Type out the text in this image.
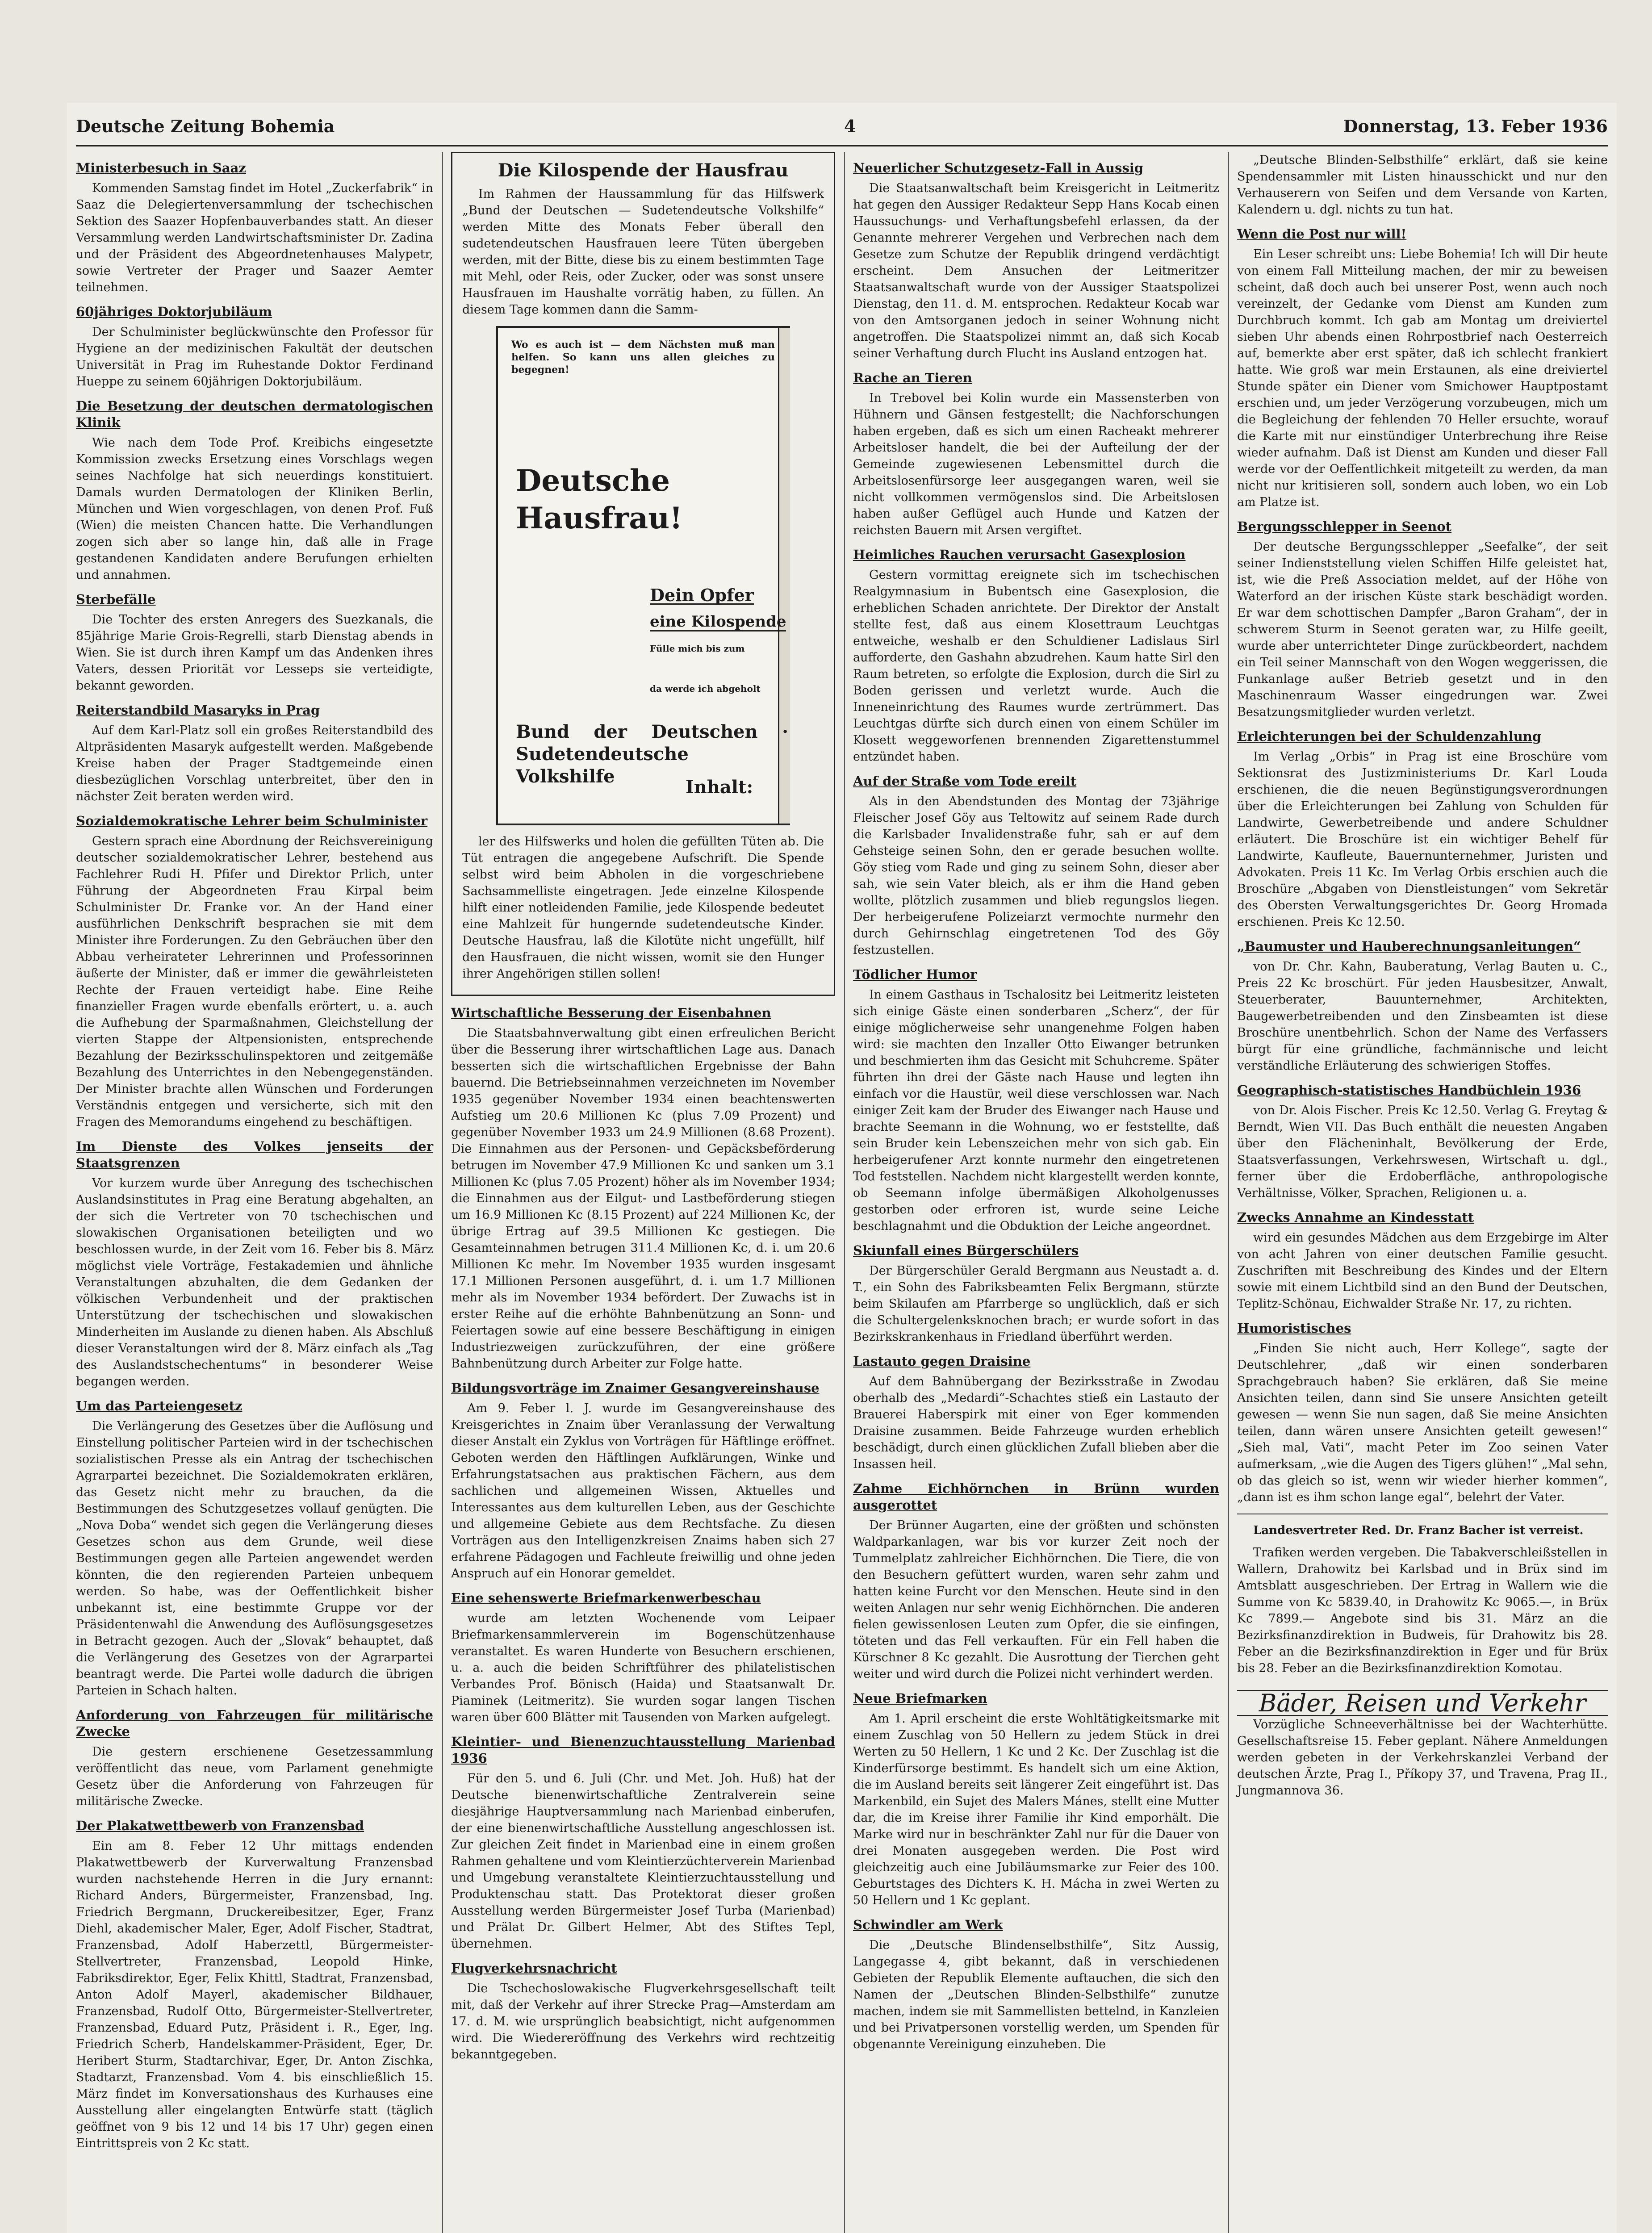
Deutsche Zeitung Bohemia	4	Donnerstag, 13. Feber 1936
Ministerbesuch in Saaz

Kommenden Samstag findet im Hotel „Zuckerfabrik“ in Saaz die Delegiertenversammlung der tschechischen Sektion des Saazer Hopfenbauverbandes statt. An dieser Versammlung werden Landwirtschaftsminister Dr. Zadina und der Präsident des Abgeordnetenhauses Malypetr, sowie Vertreter der Prager und Saazer Aemter teilnehmen.

60jähriges Doktorjubiläum

Der Schulminister beglückwünschte den Professor für Hygiene an der medizinischen Fakultät der deutschen Universität in Prag im Ruhestande Doktor Ferdinand Hueppe zu seinem 60jährigen Doktorjubiläum.

Die Besetzung der deutschen dermatologischen Klinik

Wie nach dem Tode Prof. Kreibichs eingesetzte Kommission zwecks Ersetzung eines Vorschlags wegen seines Nachfolge hat sich neuerdings konstituiert. Damals wurden Dermatologen der Kliniken Berlin, München und Wien vorgeschlagen, von denen Prof. Fuß (Wien) die meisten Chancen hatte. Die Verhandlungen zogen sich aber so lange hin, daß alle in Frage gestandenen Kandidaten andere Berufungen erhielten und annahmen.

Sterbefälle

Die Tochter des ersten Anregers des Suezkanals, die 85jährige Marie Grois-Regrelli, starb Dienstag abends in Wien. Sie ist durch ihren Kampf um das Andenken ihres Vaters, dessen Priorität vor Lesseps sie verteidigte, bekannt geworden.

Reiterstandbild Masaryks in Prag

Auf dem Karl-Platz soll ein großes Reiterstandbild des Altpräsidenten Masaryk aufgestellt werden. Maßgebende Kreise haben der Prager Stadtgemeinde einen diesbezüglichen Vorschlag unterbreitet, über den in nächster Zeit beraten werden wird.

Sozialdemokratische Lehrer beim Schulminister

Gestern sprach eine Abordnung der Reichsvereinigung deutscher sozialdemokratischer Lehrer, bestehend aus Fachlehrer Rudi H. Pfifer und Direktor Prlich, unter Führung der Abgeordneten Frau Kirpal beim Schulminister Dr. Franke vor. An der Hand einer ausführlichen Denkschrift besprachen sie mit dem Minister ihre Forderungen. Zu den Gebräuchen über den Abbau verheirateter Lehrerinnen und Professorinnen äußerte der Minister, daß er immer die gewährleisteten Rechte der Frauen verteidigt habe. Eine Reihe finanzieller Fragen wurde ebenfalls erörtert, u. a. auch die Aufhebung der Sparmaßnahmen, Gleichstellung der vierten Stappe der Altpensionisten, entsprechende Bezahlung der Bezirksschulinspektoren und zeitgemäße Bezahlung des Unterrichtes in den Nebengegenständen. Der Minister brachte allen Wünschen und Forderungen Verständnis entgegen und versicherte, sich mit den Fragen des Memorandums eingehend zu beschäftigen.

Im Dienste des Volkes jenseits der Staatsgrenzen

Vor kurzem wurde über Anregung des tschechischen Auslandsinstitutes in Prag eine Beratung abgehalten, an der sich die Vertreter von 70 tschechischen und slowakischen Organisationen beteiligten und wo beschlossen wurde, in der Zeit vom 16. Feber bis 8. März möglichst viele Vorträge, Festakademien und ähnliche Veranstaltungen abzuhalten, die dem Gedanken der völkischen Verbundenheit und der praktischen Unterstützung der tschechischen und slowakischen Minderheiten im Auslande zu dienen haben. Als Abschluß dieser Veranstaltungen wird der 8. März einfach als „Tag des Auslandstschechentums“ in besonderer Weise begangen werden.

Um das Parteiengesetz

Die Verlängerung des Gesetzes über die Auflösung und Einstellung politischer Parteien wird in der tschechischen sozialistischen Presse als ein Antrag der tschechischen Agrarpartei bezeichnet. Die Sozialdemokraten erklären, das Gesetz nicht mehr zu brauchen, da die Bestimmungen des Schutzgesetzes vollauf genügten. Die „Nova Doba“ wendet sich gegen die Verlängerung dieses Gesetzes schon aus dem Grunde, weil diese Bestimmungen gegen alle Parteien angewendet werden könnten, die den regierenden Parteien unbequem werden. So habe, was der Oeffentlichkeit bisher unbekannt ist, eine bestimmte Gruppe vor der Präsidentenwahl die Anwendung des Auflösungsgesetzes in Betracht gezogen. Auch der „Slovak“ behauptet, daß die Verlängerung des Gesetzes von der Agrarpartei beantragt werde. Die Partei wolle dadurch die übrigen Parteien in Schach halten.

Anforderung von Fahrzeugen für militärische Zwecke

Die gestern erschienene Gesetzessammlung veröffentlicht das neue, vom Parlament genehmigte Gesetz über die Anforderung von Fahrzeugen für militärische Zwecke.

Der Plakatwettbewerb von Franzensbad

Ein am 8. Feber 12 Uhr mittags endenden Plakatwettbewerb der Kurverwaltung Franzensbad wurden nachstehende Herren in die Jury ernannt: Richard Anders, Bürgermeister, Franzensbad, Ing. Friedrich Bergmann, Druckereibesitzer, Eger, Franz Diehl, akademischer Maler, Eger, Adolf Fischer, Stadtrat, Franzensbad, Adolf Haberzettl, Bürgermeister-Stellvertreter, Franzensbad, Leopold Hinke, Fabriksdirektor, Eger, Felix Khittl, Stadtrat, Franzensbad, Anton Adolf Mayerl, akademischer Bildhauer, Franzensbad, Rudolf Otto, Bürgermeister-Stellvertreter, Franzensbad, Eduard Putz, Präsident i. R., Eger, Ing. Friedrich Scherb, Handelskammer-Präsident, Eger, Dr. Heribert Sturm, Stadtarchivar, Eger, Dr. Anton Zischka, Stadtarzt, Franzensbad. Vom 4. bis einschließlich 15. März findet im Konversationshaus des Kurhauses eine Ausstellung aller eingelangten Entwürfe statt (täglich geöffnet von 9 bis 12 und 14 bis 17 Uhr) gegen einen Eintrittspreis von 2 Kc statt.

Die Kilospende der Hausfrau

Im Rahmen der Haussammlung für das Hilfswerk „Bund der Deutschen — Sudetendeutsche Volkshilfe“ werden Mitte des Monats Feber überall den sudetendeutschen Hausfrauen leere Tüten übergeben werden, mit der Bitte, diese bis zu einem bestimmten Tage mit Mehl, oder Reis, oder Zucker, oder was sonst unsere Hausfrauen im Haushalte vorrätig haben, zu füllen. An diesem Tage kommen dann die Samm-

Wo es auch ist — dem Nächsten muß man helfen. So kann uns allen gleiches zu begegnen!
Deutsche Hausfrau!
Dein Opfer
eine Kilospende
Fülle mich bis zum
da werde ich abgeholt
Bund der Deutschen · Sudetendeutsche Volkshilfe
Inhalt:

ler des Hilfswerks und holen die gefüllten Tüten ab. Die Tüt entragen die angegebene Aufschrift. Die Spende selbst wird beim Abholen in die vorgeschriebene Sachsammelliste eingetragen. Jede einzelne Kilospende hilft einer notleidenden Familie, jede Kilospende bedeutet eine Mahlzeit für hungernde sudetendeutsche Kinder. Deutsche Hausfrau, laß die Kilotüte nicht ungefüllt, hilf den Hausfrauen, die nicht wissen, womit sie den Hunger ihrer Angehörigen stillen sollen!

Wirtschaftliche Besserung der Eisenbahnen

Die Staatsbahnverwaltung gibt einen erfreulichen Bericht über die Besserung ihrer wirtschaftlichen Lage aus. Danach besserten sich die wirtschaftlichen Ergebnisse der Bahn bauernd. Die Betriebseinnahmen verzeichneten im November 1935 gegenüber November 1934 einen beachtenswerten Aufstieg um 20.6 Millionen Kc (plus 7.09 Prozent) und gegenüber November 1933 um 24.9 Millionen (8.68 Prozent). Die Einnahmen aus der Personen- und Gepäcksbeförderung betrugen im November 47.9 Millionen Kc und sanken um 3.1 Millionen Kc (plus 7.05 Prozent) höher als im November 1934; die Einnahmen aus der Eilgut- und Lastbeförderung stiegen um 16.9 Millionen Kc (8.15 Prozent) auf 224 Millionen Kc, der übrige Ertrag auf 39.5 Millionen Kc gestiegen. Die Gesamteinnahmen betrugen 311.4 Millionen Kc, d. i. um 20.6 Millionen Kc mehr. Im November 1935 wurden insgesamt 17.1 Millionen Personen ausgeführt, d. i. um 1.7 Millionen mehr als im November 1934 befördert. Der Zuwachs ist in erster Reihe auf die erhöhte Bahnbenützung an Sonn- und Feiertagen sowie auf eine bessere Beschäftigung in einigen Industriezweigen zurückzuführen, der eine größere Bahnbenützung durch Arbeiter zur Folge hatte.

Bildungsvorträge im Znaimer Gesangvereinshause

Am 9. Feber l. J. wurde im Gesangvereinshause des Kreisgerichtes in Znaim über Veranlassung der Verwaltung dieser Anstalt ein Zyklus von Vorträgen für Häftlinge eröffnet. Geboten werden den Häftlingen Aufklärungen, Winke und Erfahrungstatsachen aus praktischen Fächern, aus dem sachlichen und allgemeinen Wissen, Aktuelles und Interessantes aus dem kulturellen Leben, aus der Geschichte und allgemeine Gebiete aus dem Rechtsfache. Zu diesen Vorträgen aus den Intelligenzkreisen Znaims haben sich 27 erfahrene Pädagogen und Fachleute freiwillig und ohne jeden Anspruch auf ein Honorar gemeldet.

Eine sehenswerte Briefmarkenwerbeschau

wurde am letzten Wochenende vom Leipaer Briefmarkensammlerverein im Bogenschützenhause veranstaltet. Es waren Hunderte von Besuchern erschienen, u. a. auch die beiden Schriftführer des philatelistischen Verbandes Prof. Bönisch (Haida) und Staatsanwalt Dr. Piaminek (Leitmeritz). Sie wurden sogar langen Tischen waren über 600 Blätter mit Tausenden von Marken aufgelegt.

Kleintier- und Bienenzuchtausstellung Marienbad 1936

Für den 5. und 6. Juli (Chr. und Met. Joh. Huß) hat der Deutsche bienenwirtschaftliche Zentralverein seine diesjährige Hauptversammlung nach Marienbad einberufen, der eine bienenwirtschaftliche Ausstellung angeschlossen ist. Zur gleichen Zeit findet in Marienbad eine in einem großen Rahmen gehaltene und vom Kleintierzüchterverein Marienbad und Umgebung veranstaltete Kleintierzuchtausstellung und Produktenschau statt. Das Protektorat dieser großen Ausstellung werden Bürgermeister Josef Turba (Marienbad) und Prälat Dr. Gilbert Helmer, Abt des Stiftes Tepl, übernehmen.

Flugverkehrsnachricht

Die Tschechoslowakische Flugverkehrsgesellschaft teilt mit, daß der Verkehr auf ihrer Strecke Prag—Amsterdam am 17. d. M. wie ursprünglich beabsichtigt, nicht aufgenommen wird. Die Wiedereröffnung des Verkehrs wird rechtzeitig bekanntgegeben.

Neuerlicher Schutzgesetz-Fall in Aussig

Die Staatsanwaltschaft beim Kreisgericht in Leitmeritz hat gegen den Aussiger Redakteur Sepp Hans Kocab einen Haussuchungs- und Verhaftungsbefehl erlassen, da der Genannte mehrerer Vergehen und Verbrechen nach dem Gesetze zum Schutze der Republik dringend verdächtigt erscheint. Dem Ansuchen der Leitmeritzer Staatsanwaltschaft wurde von der Aussiger Staatspolizei Dienstag, den 11. d. M. entsprochen. Redakteur Kocab war von den Amtsorganen jedoch in seiner Wohnung nicht angetroffen. Die Staatspolizei nimmt an, daß sich Kocab seiner Verhaftung durch Flucht ins Ausland entzogen hat.

Rache an Tieren

In Trebovel bei Kolin wurde ein Massensterben von Hühnern und Gänsen festgestellt; die Nachforschungen haben ergeben, daß es sich um einen Racheakt mehrerer Arbeitsloser handelt, die bei der Aufteilung der der Gemeinde zugewiesenen Lebensmittel durch die Arbeitslosenfürsorge leer ausgegangen waren, weil sie nicht vollkommen vermögenslos sind. Die Arbeitslosen haben außer Geflügel auch Hunde und Katzen der reichsten Bauern mit Arsen vergiftet.

Heimliches Rauchen verursacht Gasexplosion

Gestern vormittag ereignete sich im tschechischen Realgymnasium in Bubentsch eine Gasexplosion, die erheblichen Schaden anrichtete. Der Direktor der Anstalt stellte fest, daß aus einem Klosettraum Leuchtgas entweiche, weshalb er den Schuldiener Ladislaus Sirl aufforderte, den Gashahn abzudrehen. Kaum hatte Sirl den Raum betreten, so erfolgte die Explosion, durch die Sirl zu Boden gerissen und verletzt wurde. Auch die Inneneinrichtung des Raumes wurde zertrümmert. Das Leuchtgas dürfte sich durch einen von einem Schüler im Klosett weggeworfenen brennenden Zigarettenstummel entzündet haben.

Auf der Straße vom Tode ereilt

Als in den Abendstunden des Montag der 73jährige Fleischer Josef Göy aus Teltowitz auf seinem Rade durch die Karlsbader Invalidenstraße fuhr, sah er auf dem Gehsteige seinen Sohn, den er gerade besuchen wollte. Göy stieg vom Rade und ging zu seinem Sohn, dieser aber sah, wie sein Vater bleich, als er ihm die Hand geben wollte, plötzlich zusammen und blieb regungslos liegen. Der herbeigerufene Polizeiarzt vermochte nurmehr den durch Gehirnschlag eingetretenen Tod des Göy festzustellen.

Tödlicher Humor

In einem Gasthaus in Tschalositz bei Leitmeritz leisteten sich einige Gäste einen sonderbaren „Scherz“, der für einige möglicherweise sehr unangenehme Folgen haben wird: sie machten den Inzaller Otto Eiwanger betrunken und beschmierten ihm das Gesicht mit Schuhcreme. Später führten ihn drei der Gäste nach Hause und legten ihn einfach vor die Haustür, weil diese verschlossen war. Nach einiger Zeit kam der Bruder des Eiwanger nach Hause und brachte Seemann in die Wohnung, wo er feststellte, daß sein Bruder kein Lebenszeichen mehr von sich gab. Ein herbeigerufener Arzt konnte nurmehr den eingetretenen Tod feststellen. Nachdem nicht klargestellt werden konnte, ob Seemann infolge übermäßigen Alkoholgenusses gestorben oder erfroren ist, wurde seine Leiche beschlagnahmt und die Obduktion der Leiche angeordnet.

Skiunfall eines Bürgerschülers

Der Bürgerschüler Gerald Bergmann aus Neustadt a. d. T., ein Sohn des Fabriksbeamten Felix Bergmann, stürzte beim Skilaufen am Pfarrberge so unglücklich, daß er sich die Schultergelenksknochen brach; er wurde sofort in das Bezirkskrankenhaus in Friedland überführt werden.

Lastauto gegen Draisine

Auf dem Bahnübergang der Bezirksstraße in Zwodau oberhalb des „Medardi“-Schachtes stieß ein Lastauto der Brauerei Haberspirk mit einer von Eger kommenden Draisine zusammen. Beide Fahrzeuge wurden erheblich beschädigt, durch einen glücklichen Zufall blieben aber die Insassen heil.

Zahme Eichhörnchen in Brünn wurden ausgerottet

Der Brünner Augarten, eine der größten und schönsten Waldparkanlagen, war bis vor kurzer Zeit noch der Tummelplatz zahlreicher Eichhörnchen. Die Tiere, die von den Besuchern gefüttert wurden, waren sehr zahm und hatten keine Furcht vor den Menschen. Heute sind in den weiten Anlagen nur sehr wenig Eichhörnchen. Die anderen fielen gewissenlosen Leuten zum Opfer, die sie einfingen, töteten und das Fell verkauften. Für ein Fell haben die Kürschner 8 Kc gezahlt. Die Ausrottung der Tierchen geht weiter und wird durch die Polizei nicht verhindert werden.

Neue Briefmarken

Am 1. April erscheint die erste Wohltätigkeitsmarke mit einem Zuschlag von 50 Hellern zu jedem Stück in drei Werten zu 50 Hellern, 1 Kc und 2 Kc. Der Zuschlag ist die Kinderfürsorge bestimmt. Es handelt sich um eine Aktion, die im Ausland bereits seit längerer Zeit eingeführt ist. Das Markenbild, ein Sujet des Malers Mánes, stellt eine Mutter dar, die im Kreise ihrer Familie ihr Kind emporhält. Die Marke wird nur in beschränkter Zahl nur für die Dauer von drei Monaten ausgegeben werden. Die Post wird gleichzeitig auch eine Jubiläumsmarke zur Feier des 100. Geburtstages des Dichters K. H. Mácha in zwei Werten zu 50 Hellern und 1 Kc geplant.

Schwindler am Werk

Die „Deutsche Blindenselbsthilfe“, Sitz Aussig, Langegasse 4, gibt bekannt, daß in verschiedenen Gebieten der Republik Elemente auftauchen, die sich den Namen der „Deutschen Blinden-Selbsthilfe“ zunutze machen, indem sie mit Sammellisten bettelnd, in Kanzleien und bei Privatpersonen vorstellig werden, um Spenden für obgenannte Vereinigung einzuheben. Die

„Deutsche Blinden-Selbsthilfe“ erklärt, daß sie keine Spendensammler mit Listen hinausschickt und nur den Verhauserern von Seifen und dem Versande von Karten, Kalendern u. dgl. nichts zu tun hat.

Wenn die Post nur will!

Ein Leser schreibt uns: Liebe Bohemia! Ich will Dir heute von einem Fall Mitteilung machen, der mir zu beweisen scheint, daß doch auch bei unserer Post, wenn auch noch vereinzelt, der Gedanke vom Dienst am Kunden zum Durchbruch kommt. Ich gab am Montag um dreiviertel sieben Uhr abends einen Rohrpostbrief nach Oesterreich auf, bemerkte aber erst später, daß ich schlecht frankiert hatte. Wie groß war mein Erstaunen, als eine dreiviertel Stunde später ein Diener vom Smichower Hauptpostamt erschien und, um jeder Verzögerung vorzubeugen, mich um die Begleichung der fehlenden 70 Heller ersuchte, worauf die Karte mit nur einstündiger Unterbrechung ihre Reise wieder aufnahm. Daß ist Dienst am Kunden und dieser Fall werde vor der Oeffentlichkeit mitgeteilt zu werden, da man nicht nur kritisieren soll, sondern auch loben, wo ein Lob am Platze ist.

Bergungsschlepper in Seenot

Der deutsche Bergungsschlepper „Seefalke“, der seit seiner Indienststellung vielen Schiffen Hilfe geleistet hat, ist, wie die Preß Association meldet, auf der Höhe von Waterford an der irischen Küste stark beschädigt worden. Er war dem schottischen Dampfer „Baron Graham“, der in schwerem Sturm in Seenot geraten war, zu Hilfe geeilt, wurde aber unterrichteter Dinge zurückbeordert, nachdem ein Teil seiner Mannschaft von den Wogen weggerissen, die Funkanlage außer Betrieb gesetzt und in den Maschinenraum Wasser eingedrungen war. Zwei Besatzungsmitglieder wurden verletzt.

Erleichterungen bei der Schuldenzahlung

Im Verlag „Orbis“ in Prag ist eine Broschüre vom Sektionsrat des Justizministeriums Dr. Karl Louda erschienen, die die neuen Begünstigungsverordnungen über die Erleichterungen bei Zahlung von Schulden für Landwirte, Gewerbetreibende und andere Schuldner erläutert. Die Broschüre ist ein wichtiger Behelf für Landwirte, Kaufleute, Bauernunternehmer, Juristen und Advokaten. Preis 11 Kc. Im Verlag Orbis erschien auch die Broschüre „Abgaben von Dienstleistungen“ vom Sekretär des Obersten Verwaltungsgerichtes Dr. Georg Hromada erschienen. Preis Kc 12.50.

„Baumuster und Hauberechnungsanleitungen“

von Dr. Chr. Kahn, Bauberatung, Verlag Bauten u. C., Preis 22 Kc broschürt. Für jeden Hausbesitzer, Anwalt, Steuerberater, Bauunternehmer, Architekten, Baugewerbetreibenden und den Zinsbeamten ist diese Broschüre unentbehrlich. Schon der Name des Verfassers bürgt für eine gründliche, fachmännische und leicht verständliche Erläuterung des schwierigen Stoffes.

Geographisch-statistisches Handbüchlein 1936

von Dr. Alois Fischer. Preis Kc 12.50. Verlag G. Freytag & Berndt, Wien VII. Das Buch enthält die neuesten Angaben über den Flächeninhalt, Bevölkerung der Erde, Staatsverfassungen, Verkehrswesen, Wirtschaft u. dgl., ferner über die Erdoberfläche, anthropologische Verhältnisse, Völker, Sprachen, Religionen u. a.

Zwecks Annahme an Kindesstatt

wird ein gesundes Mädchen aus dem Erzgebirge im Alter von acht Jahren von einer deutschen Familie gesucht. Zuschriften mit Beschreibung des Kindes und der Eltern sowie mit einem Lichtbild sind an den Bund der Deutschen, Teplitz-Schönau, Eichwalder Straße Nr. 17, zu richten.

Humoristisches

„Finden Sie nicht auch, Herr Kollege“, sagte der Deutschlehrer, „daß wir einen sonderbaren Sprachgebrauch haben? Sie erklären, daß Sie meine Ansichten teilen, dann sind Sie unsere Ansichten geteilt gewesen — wenn Sie nun sagen, daß Sie meine Ansichten teilen, dann wären unsere Ansichten geteilt gewesen!“ „Sieh mal, Vati“, macht Peter im Zoo seinen Vater aufmerksam, „wie die Augen des Tigers glühen!“ „Mal sehn, ob das gleich so ist, wenn wir wieder hierher kommen“, „dann ist es ihm schon lange egal“, belehrt der Vater.

Landesvertreter Red. Dr. Franz Bacher ist verreist.

Trafiken werden vergeben. Die Tabakverschleißstellen in Wallern, Drahowitz bei Karlsbad und in Brüx sind im Amtsblatt ausgeschrieben. Der Ertrag in Wallern wie die Summe von Kc 5839.40, in Drahowitz Kc 9065.—, in Brüx Kc 7899.— Angebote sind bis 31. März an die Bezirksfinanzdirektion in Budweis, für Drahowitz bis 28. Feber an die Bezirksfinanzdirektion in Eger und für Brüx bis 28. Feber an die Bezirksfinanzdirektion Komotau.

Bäder, Reisen und Verkehr

Vorzügliche Schneeverhältnisse bei der Wachterhütte. Gesellschaftsreise 15. Feber geplant. Nähere Anmeldungen werden gebeten in der Verkehrskanzlei Verband der deutschen Ärzte, Prag I., Příkopy 37, und Travena, Prag II., Jungmannova 36.
